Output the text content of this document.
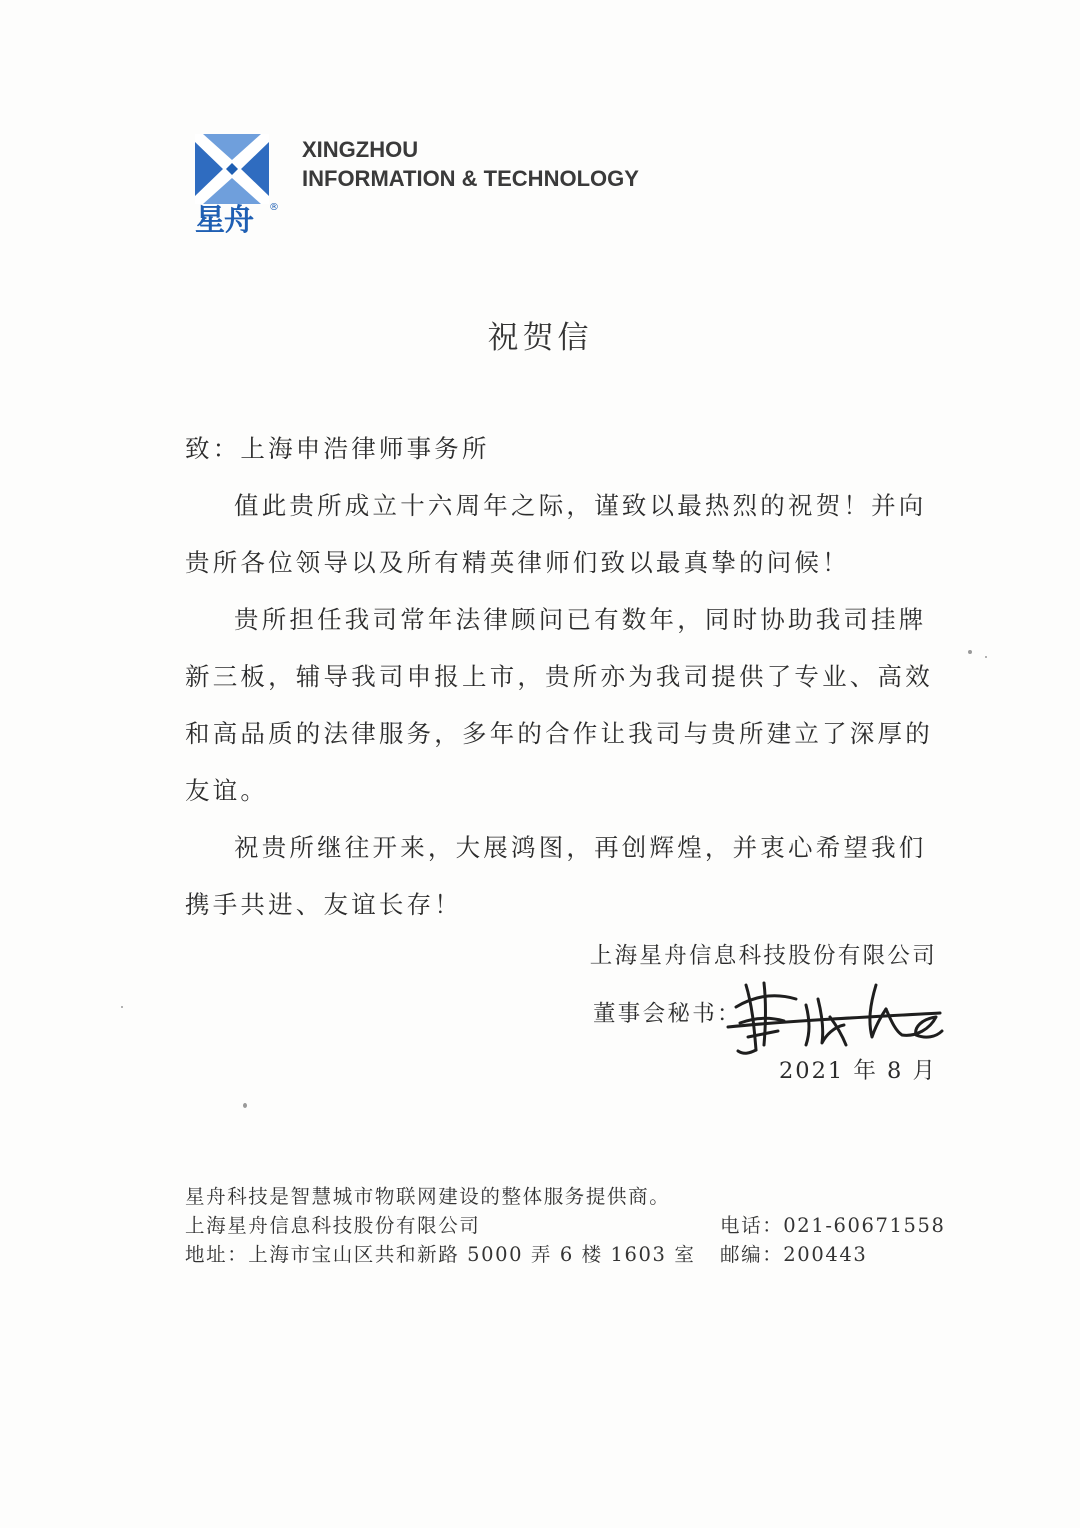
星舟 ®
XINGZHOU
INFORMATION & TECHNOLOGY
祝贺信

致：上海申浩律师事务所

值此贵所成立十六周年之际，谨致以最热烈的祝贺！并向贵所各位领导以及所有精英律师们致以最真挚的问候！

贵所担任我司常年法律顾问已有数年，同时协助我司挂牌新三板，辅导我司申报上市，贵所亦为我司提供了专业、高效和高品质的法律服务，多年的合作让我司与贵所建立了深厚的友谊。

祝贵所继往开来，大展鸿图，再创辉煌，并衷心希望我们携手共进、友谊长存！

上海星舟信息科技股份有限公司
董事会秘书：
2021 年 8 月
星舟科技是智慧城市物联网建设的整体服务提供商。
上海星舟信息科技股份有限公司	电话：021-60671558
地址：上海市宝山区共和新路 5000 弄 6 楼 1603 室 邮编：200443
